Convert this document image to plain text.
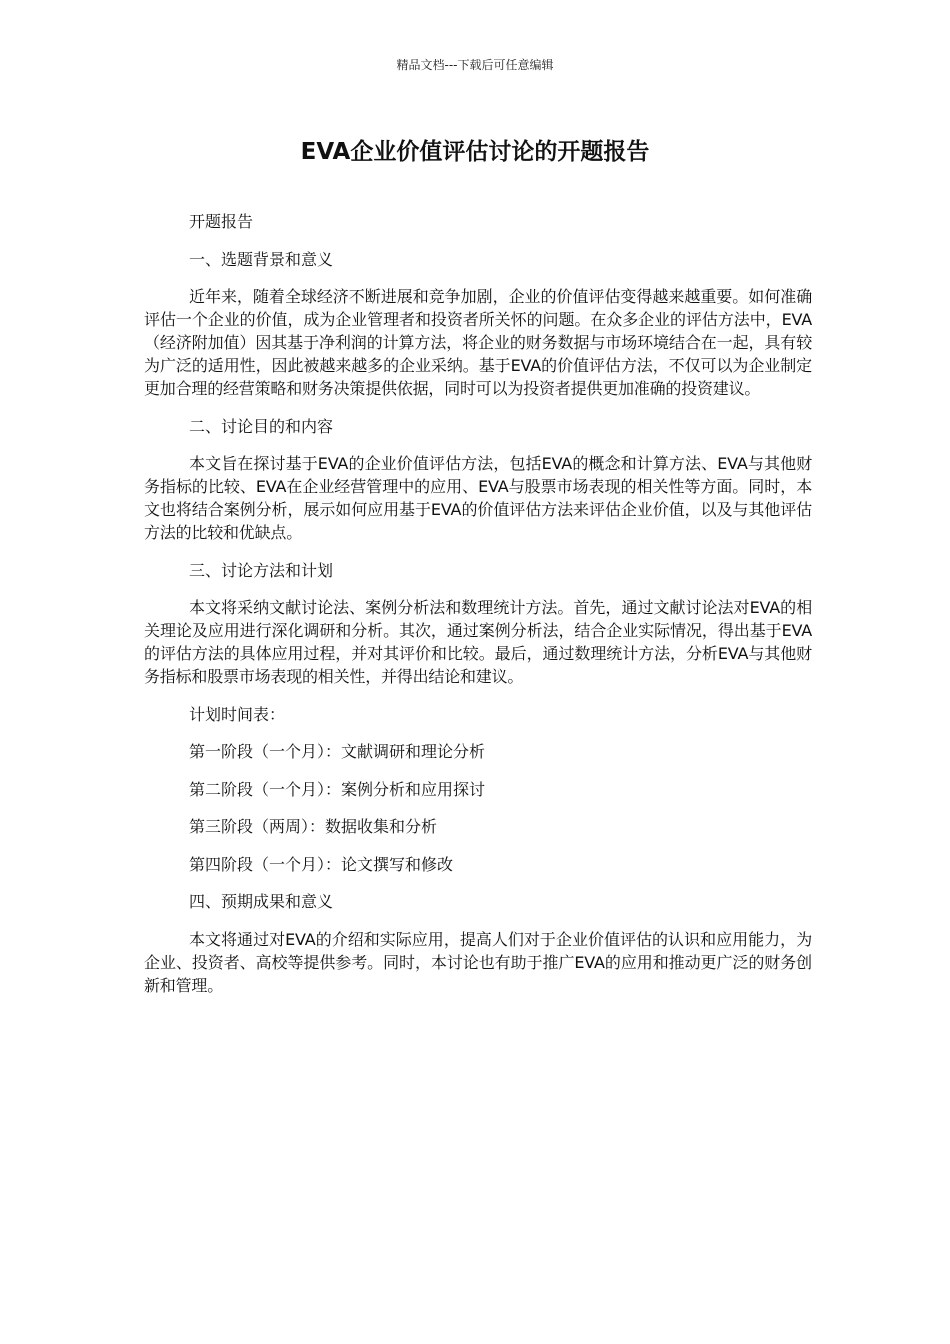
精品文档---下载后可任意编辑
EVA企业价值评估讨论的开题报告

开题报告

一、选题背景和意义

近年来，随着全球经济不断进展和竞争加剧，企业的价值评估变得越来越重要。如何准确评估一个企业的价值，成为企业管理者和投资者所关怀的问题。在众多企业的评估方法中，EVA（经济附加值）因其基于净利润的计算方法，将企业的财务数据与市场环境结合在一起，具有较为广泛的适用性，因此被越来越多的企业采纳。基于EVA的价值评估方法，不仅可以为企业制定更加合理的经营策略和财务决策提供依据，同时可以为投资者提供更加准确的投资建议。

二、讨论目的和内容

本文旨在探讨基于EVA的企业价值评估方法，包括EVA的概念和计算方法、EVA与其他财务指标的比较、EVA在企业经营管理中的应用、EVA与股票市场表现的相关性等方面。同时，本文也将结合案例分析，展示如何应用基于EVA的价值评估方法来评估企业价值，以及与其他评估方法的比较和优缺点。

三、讨论方法和计划

本文将采纳文献讨论法、案例分析法和数理统计方法。首先，通过文献讨论法对EVA的相关理论及应用进行深化调研和分析。其次，通过案例分析法，结合企业实际情况，得出基于EVA的评估方法的具体应用过程，并对其评价和比较。最后，通过数理统计方法，分析EVA与其他财务指标和股票市场表现的相关性，并得出结论和建议。

计划时间表：

第一阶段（一个月）：文献调研和理论分析

第二阶段（一个月）：案例分析和应用探讨

第三阶段（两周）：数据收集和分析

第四阶段（一个月）：论文撰写和修改

四、预期成果和意义

本文将通过对EVA的介绍和实际应用，提高人们对于企业价值评估的认识和应用能力，为企业、投资者、高校等提供参考。同时，本讨论也有助于推广EVA的应用和推动更广泛的财务创新和管理。
